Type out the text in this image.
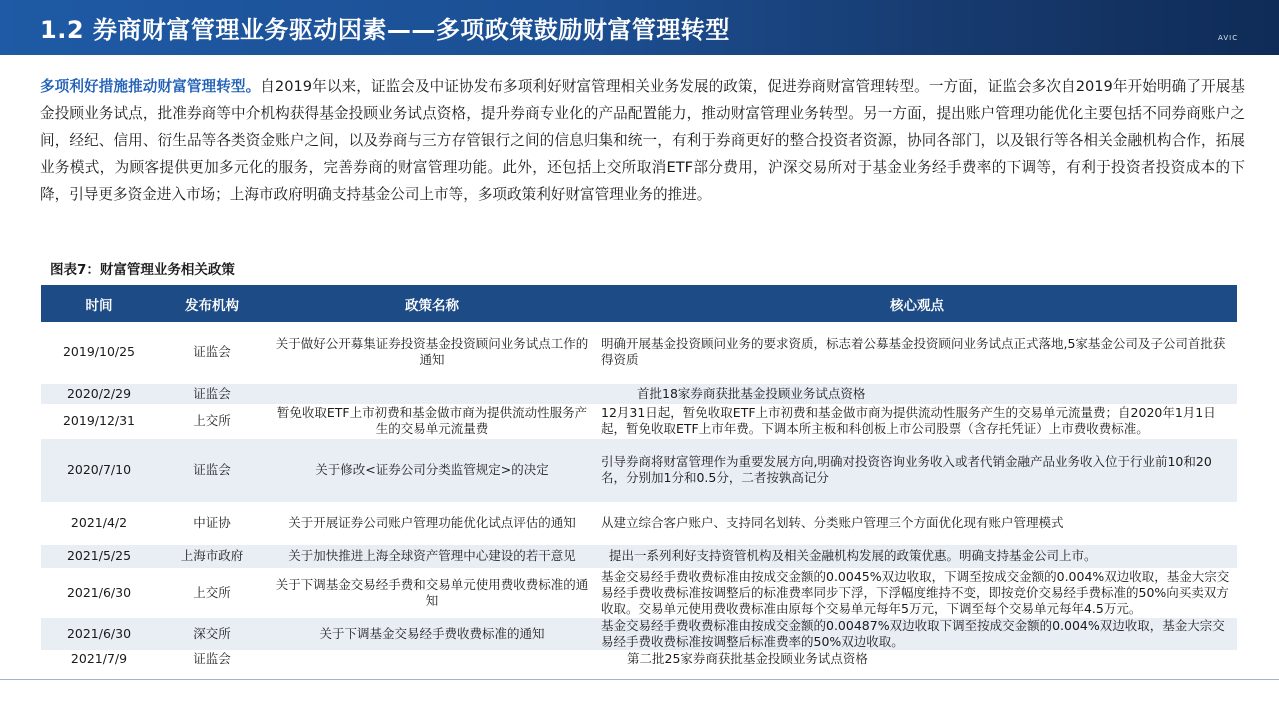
1.2 券商财富管理业务驱动因素——多项政策鼓励财富管理转型	AVIC
多项利好措施推动财富管理转型。自2019年以来，证监会及中证协发布多项利好财富管理相关业务发展的政策，促进券商财富管理转型。一方面，证监会多次自2019年开始明确了开展基金投顾业务试点，批准券商等中介机构获得基金投顾业务试点资格，提升券商专业化的产品配置能力，推动财富管理业务转型。另一方面，提出账户管理功能优化主要包括不同券商账户之间，经纪、信用、衍生品等各类资金账户之间，以及券商与三方存管银行之间的信息归集和统一，有利于券商更好的整合投资者资源，协同各部门，以及银行等各相关金融机构合作，拓展业务模式，为顾客提供更加多元化的服务，完善券商的财富管理功能。此外，还包括上交所取消ETF部分费用，沪深交易所对于基金业务经手费率的下调等，有利于投资者投资成本的下降，引导更多资金进入市场；上海市政府明确支持基金公司上市等，多项政策利好财富管理业务的推进。
图表7：财富管理业务相关政策
时间	发布机构	政策名称	核心观点
2019/10/25	证监会	关于做好公开募集证券投资基金投资顾问业务试点工作的通知	明确开展基金投资顾问业务的要求资质，标志着公募基金投资顾问业务试点正式落地,5家基金公司及子公司首批获得资质
2020/2/29	证监会		首批18家券商获批基金投顾业务试点资格
2019/12/31	上交所	暂免收取ETF上市初费和基金做市商为提供流动性服务产生的交易单元流量费	12月31日起，暂免收取ETF上市初费和基金做市商为提供流动性服务产生的交易单元流量费；自2020年1月1日起，暂免收取ETF上市年费。下调本所主板和科创板上市公司股票（含存托凭证）上市费收费标准。
2020/7/10	证监会	关于修改<证券公司分类监管规定>的决定	引导券商将财富管理作为重要发展方向,明确对投资咨询业务收入或者代销金融产品业务收入位于行业前10和20名，分别加1分和0.5分，二者按孰高记分
2021/4/2	中证协	关于开展证券公司账户管理功能优化试点评估的通知	从建立综合客户账户、支持同名划转、分类账户管理三个方面优化现有账户管理模式
2021/5/25	上海市政府	关于加快推进上海全球资产管理中心建设的若干意见	提出一系列利好支持资管机构及相关金融机构发展的政策优惠。明确支持基金公司上市。
2021/6/30	上交所	关于下调基金交易经手费和交易单元使用费收费标准的通知	基金交易经手费收费标准由按成交金额的0.0045%双边收取，下调至按成交金额的0.004%双边收取，基金大宗交易经手费收费标准按调整后的标准费率同步下浮，下浮幅度维持不变，即按竞价交易经手费标准的50%向买卖双方收取。交易单元使用费收费标准由原每个交易单元每年5万元，下调至每个交易单元每年4.5万元。
2021/6/30	深交所	关于下调基金交易经手费收费标准的通知	基金交易经手费收费标准由按成交金额的0.00487%双边收取下调至按成交金额的0.004%双边收取，基金大宗交易经手费收费标准按调整后标准费率的50%双边收取。
2021/7/9	证监会		第二批25家券商获批基金投顾业务试点资格
